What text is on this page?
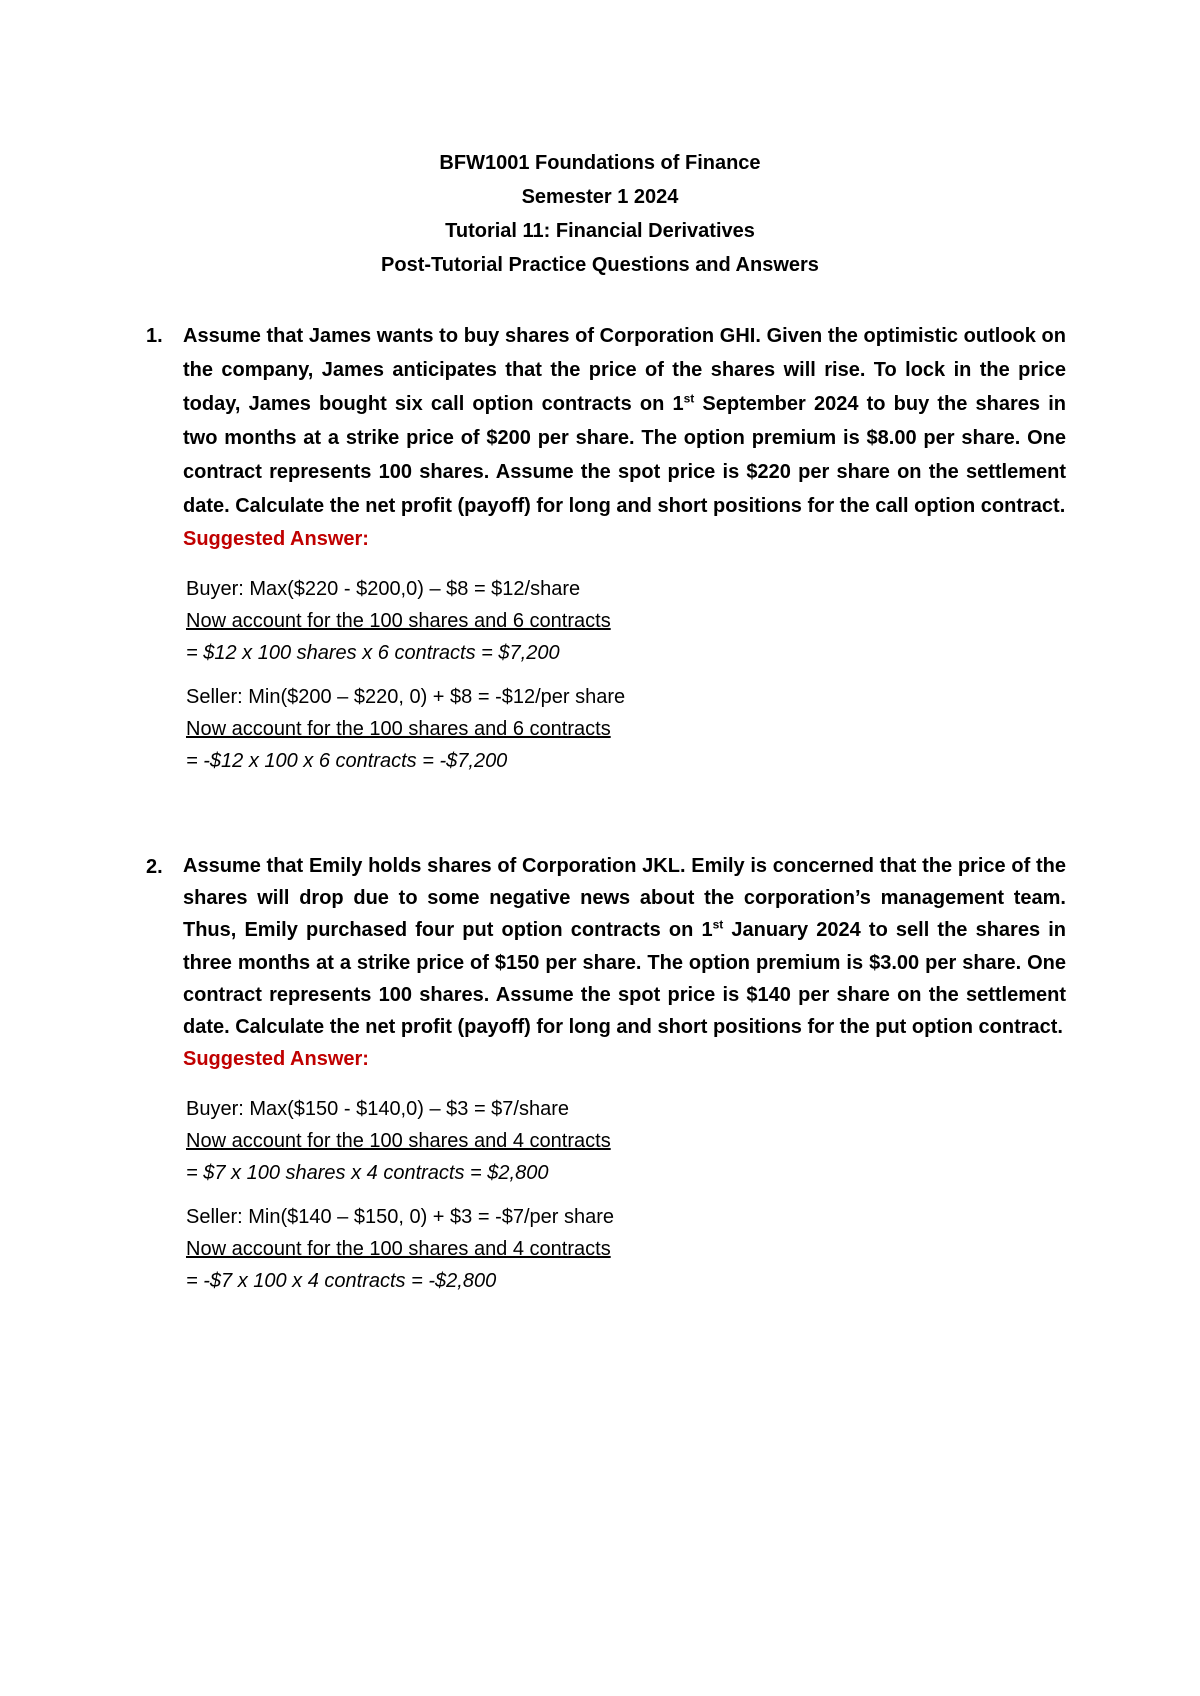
BFW1001 Foundations of Finance
Semester 1 2024
Tutorial 11: Financial Derivatives
Post-Tutorial Practice Questions and Answers
1. Assume that James wants to buy shares of Corporation GHI. Given the optimistic outlook on the company, James anticipates that the price of the shares will rise. To lock in the price today, James bought six call option contracts on 1st September 2024 to buy the shares in two months at a strike price of $200 per share. The option premium is $8.00 per share. One contract represents 100 shares. Assume the spot price is $220 per share on the settlement date. Calculate the net profit (payoff) for long and short positions for the call option contract.
Suggested Answer:
Buyer: Max($220 - $200,0) – $8 = $12/share
Now account for the 100 shares and 6 contracts
= $12 x 100 shares x 6 contracts = $7,200
Seller: Min($200 – $220, 0) + $8 = -$12/per share
Now account for the 100 shares and 6 contracts
= -$12 x 100 x 6 contracts = -$7,200
2. Assume that Emily holds shares of Corporation JKL. Emily is concerned that the price of the shares will drop due to some negative news about the corporation’s management team. Thus, Emily purchased four put option contracts on 1st January 2024 to sell the shares in three months at a strike price of $150 per share. The option premium is $3.00 per share. One contract represents 100 shares. Assume the spot price is $140 per share on the settlement date. Calculate the net profit (payoff) for long and short positions for the put option contract.
Suggested Answer:
Buyer: Max($150 - $140,0) – $3 = $7/share
Now account for the 100 shares and 4 contracts
= $7 x 100 shares x 4 contracts = $2,800
Seller: Min($140 – $150, 0) + $3 = -$7/per share
Now account for the 100 shares and 4 contracts
= -$7 x 100 x 4 contracts = -$2,800
